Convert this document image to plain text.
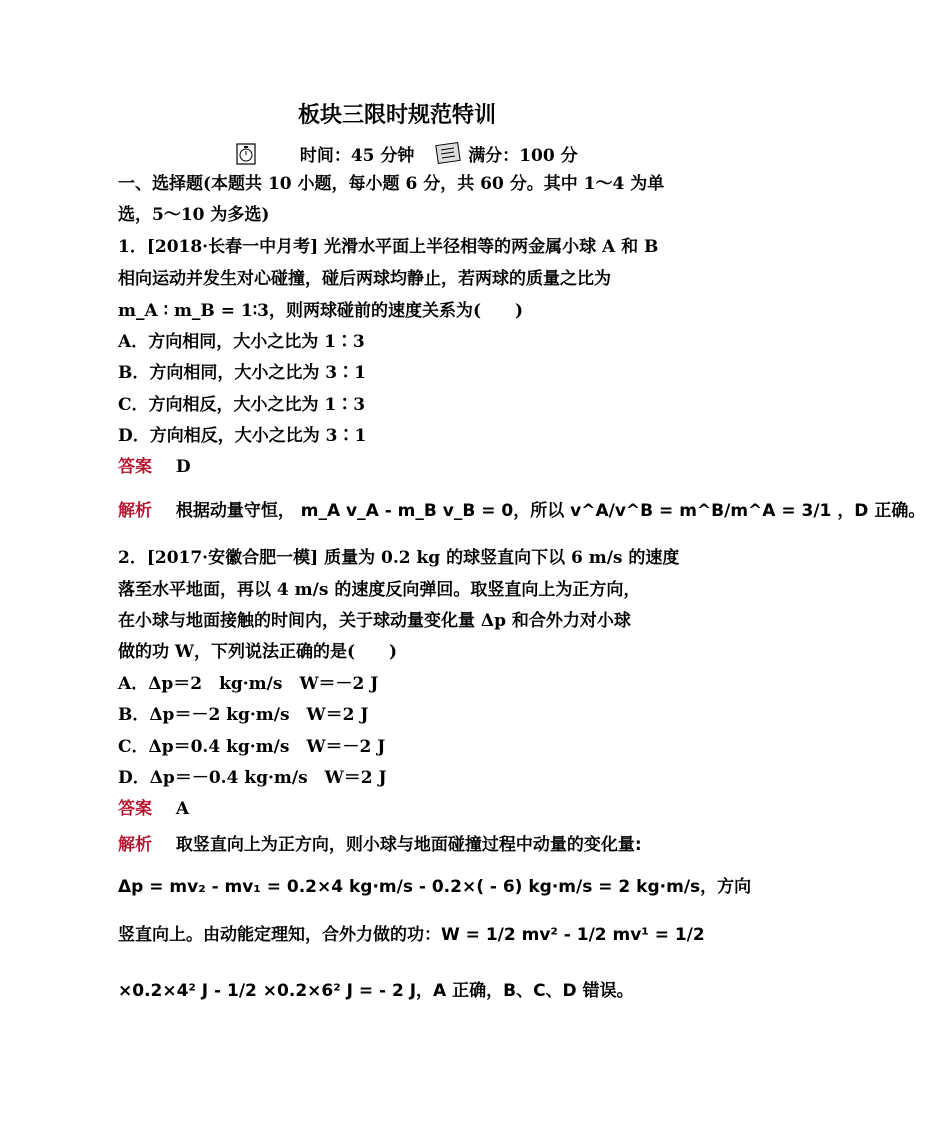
板块三限时规范特训
时间：45 分钟	满分：100 分
一、选择题(本题共 10 小题，每小题 6 分，共 60 分。其中 1～4 为单
选，5～10 为多选)
1．[2018·长春一中月考] 光滑水平面上半径相等的两金属小球 A 和 B
相向运动并发生对心碰撞，碰后两球均静止，若两球的质量之比为
m_A ∶ m_B = 1∶3，则两球碰前的速度关系为(　　)
A．方向相同，大小之比为 1∶3
B．方向相同，大小之比为 3∶1
C．方向相反，大小之比为 1∶3
D．方向相反，大小之比为 3∶1
答案 D
解析 根据动量守恒， m_A v_A - m_B v_B = 0，所以 v^A/v^B = m^B/m^A = 3/1 ，D 正确。
2．[2017·安徽合肥一模] 质量为 0.2 kg 的球竖直向下以 6 m/s 的速度
落至水平地面，再以 4 m/s 的速度反向弹回。取竖直向上为正方向，
在小球与地面接触的时间内，关于球动量变化量 Δp 和合外力对小球
做的功 W，下列说法正确的是(　　)
A．Δp＝2　kg·m/s　W＝－2 J
B．Δp＝－2 kg·m/s　W＝2 J
C．Δp＝0.4 kg·m/s　W＝－2 J
D．Δp＝－0.4 kg·m/s　W＝2 J
答案 A
解析 取竖直向上为正方向，则小球与地面碰撞过程中动量的变化量:
Δp = mv₂ - mv₁ = 0.2×4 kg·m/s - 0.2×( - 6) kg·m/s = 2 kg·m/s，方向
竖直向上。由动能定理知，合外力做的功：W = 1/2 mv² - 1/2 mv¹ = 1/2
×0.2×4² J - 1/2 ×0.2×6² J = - 2 J，A 正确，B、C、D 错误。
